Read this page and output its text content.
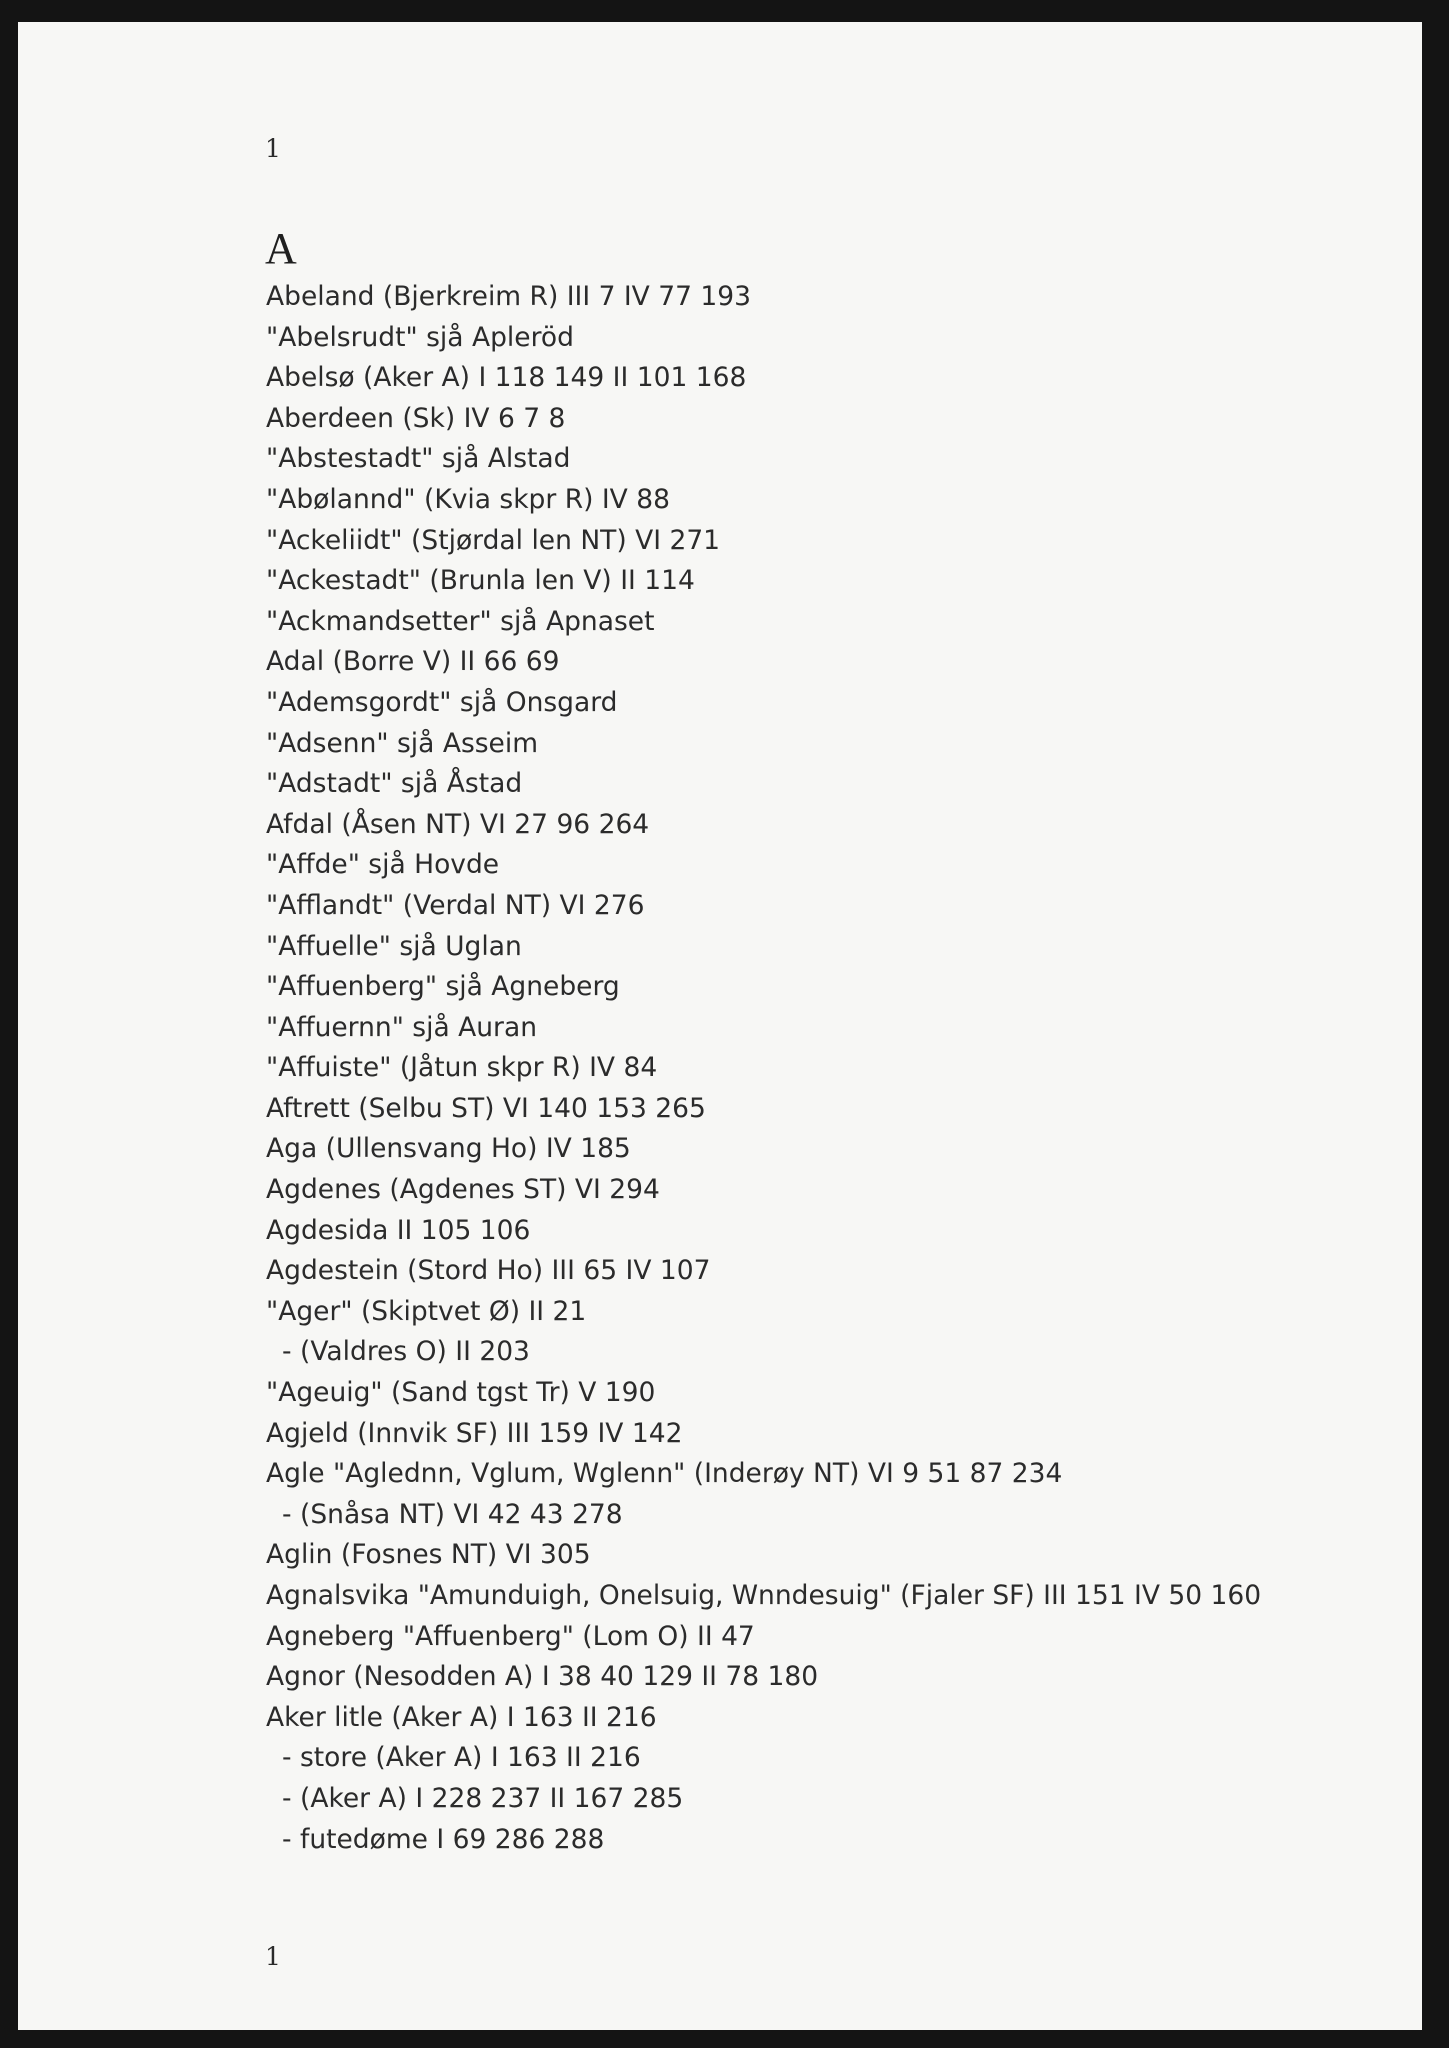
1
A
Abeland (Bjerkreim R) III 7 IV 77 193
"Abelsrudt" sjå Apleröd
Abelsø (Aker A) I 118 149 II 101 168
Aberdeen (Sk) IV 6 7 8
"Abstestadt" sjå Alstad
"Abølannd" (Kvia skpr R) IV 88
"Ackeliidt" (Stjørdal len NT) VI 271
"Ackestadt" (Brunla len V) II 114
"Ackmandsetter" sjå Apnaset
Adal (Borre V) II 66 69
"Ademsgordt" sjå Onsgard
"Adsenn" sjå Asseim
"Adstadt" sjå Åstad
Afdal (Åsen NT) VI 27 96 264
"Affde" sjå Hovde
"Afflandt" (Verdal NT) VI 276
"Affuelle" sjå Uglan
"Affuenberg" sjå Agneberg
"Affuernn" sjå Auran
"Affuiste" (Jåtun skpr R) IV 84
Aftrett (Selbu ST) VI 140 153 265
Aga (Ullensvang Ho) IV 185
Agdenes (Agdenes ST) VI 294
Agdesida II 105 106
Agdestein (Stord Ho) III 65 IV 107
"Ager" (Skiptvet Ø) II 21
- (Valdres O) II 203
"Ageuig" (Sand tgst Tr) V 190
Agjeld (Innvik SF) III 159 IV 142
Agle "Aglednn, Vglum, Wglenn" (Inderøy NT) VI 9 51 87 234
- (Snåsa NT) VI 42 43 278
Aglin (Fosnes NT) VI 305
Agnalsvika "Amunduigh, Onelsuig, Wnndesuig" (Fjaler SF) III 151 IV 50 160
Agneberg "Affuenberg" (Lom O) II 47
Agnor (Nesodden A) I 38 40 129 II 78 180
Aker litle (Aker A) I 163 II 216
- store (Aker A) I 163 II 216
- (Aker A) I 228 237 II 167 285
- futedøme I 69 286 288
1
